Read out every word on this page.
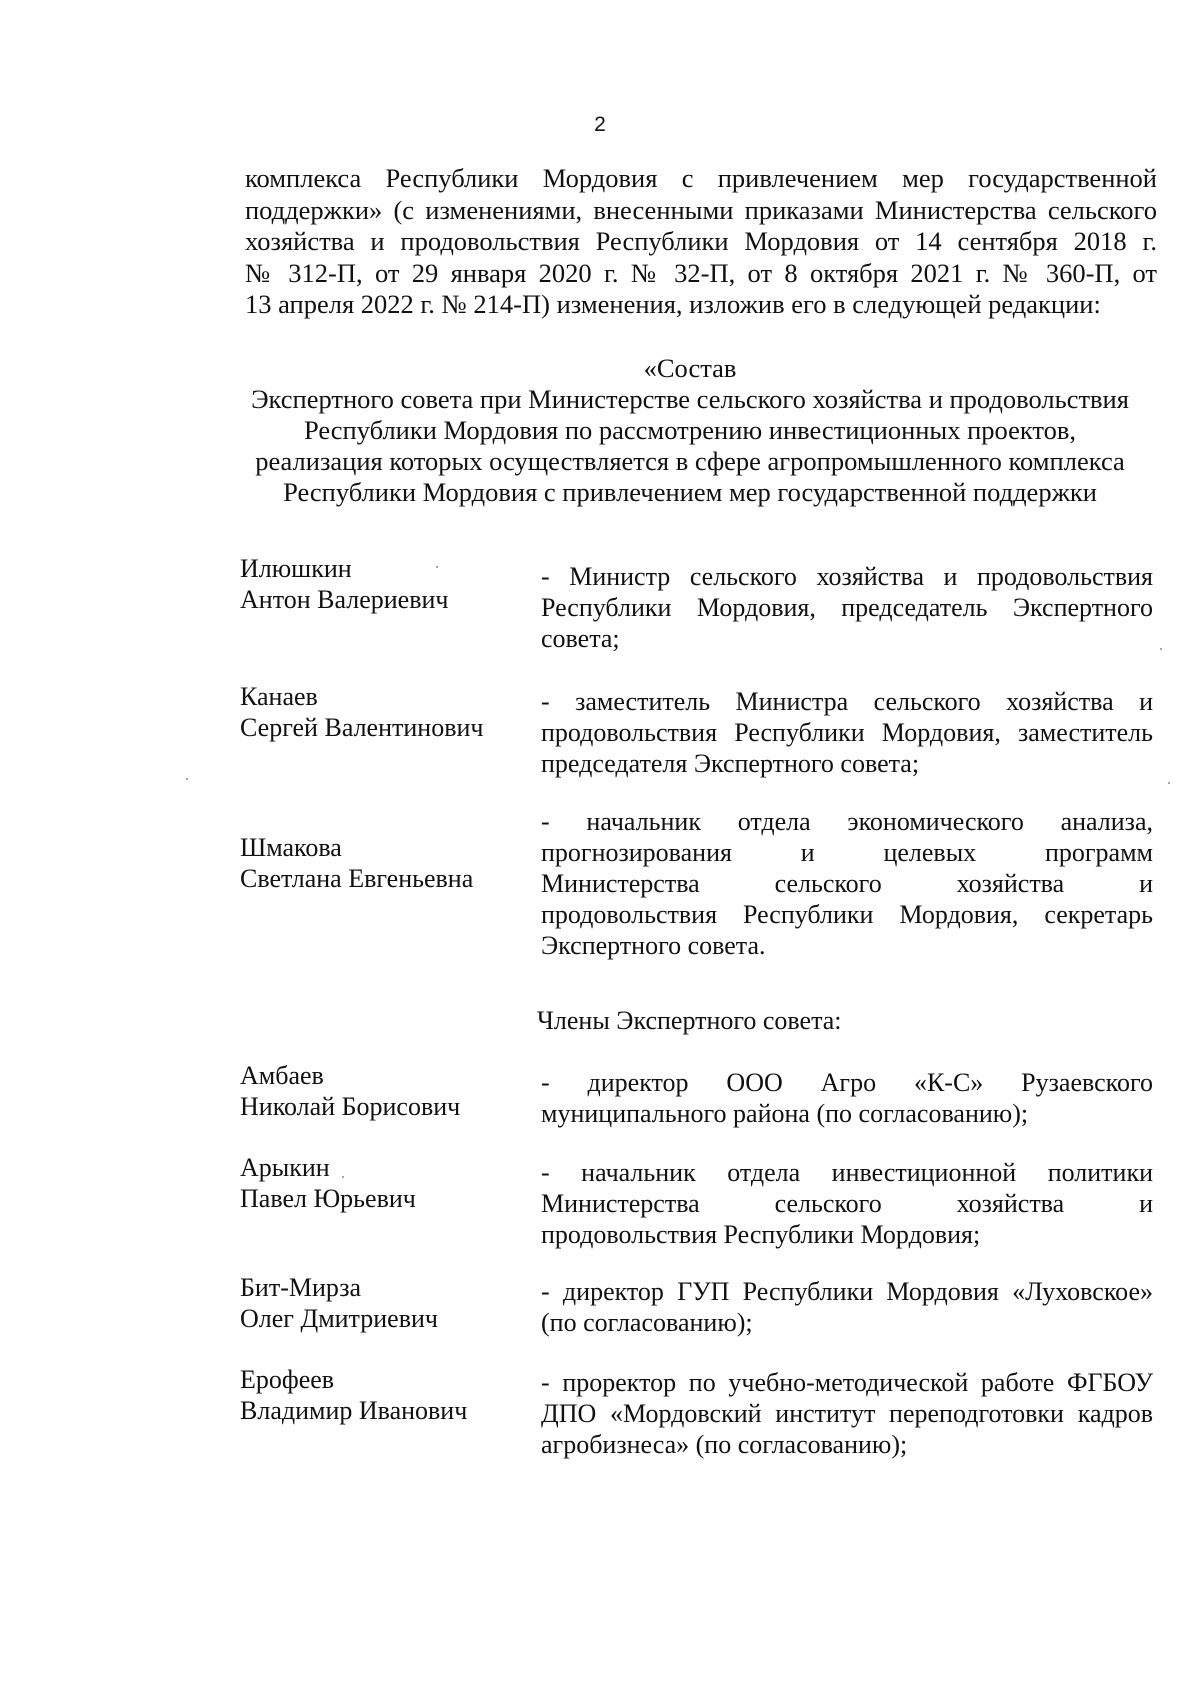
2
комплекса Республики Мордовия с привлечением мер государственной
поддержки» (с изменениями, внесенными приказами Министерства сельского
хозяйства и продовольствия Республики Мордовия от 14 сентября 2018 г.
№ 312-П, от 29 января 2020 г. № 32-П, от 8 октября 2021 г. № 360-П, от
13 апреля 2022 г. № 214-П) изменения, изложив его в следующей редакции:
«Состав
Экспертного совета при Министерстве сельского хозяйства и продовольствия
Республики Мордовия по рассмотрению инвестиционных проектов,
реализация которых осуществляется в сфере агропромышленного комплекса
Республики Мордовия с привлечением мер государственной поддержки
Илюшкин
Антон Валериевич
- Министр сельского хозяйства и продовольствия
Республики Мордовия, председатель Экспертного
совета;
Канаев
Сергей Валентинович
- заместитель Министра сельского хозяйства и
продовольствия Республики Мордовия, заместитель
председателя Экспертного совета;
Шмакова
Светлана Евгеньевна
- начальник отдела экономического анализа,
прогнозирования и целевых программ
Министерства сельского хозяйства и
продовольствия Республики Мордовия, секретарь
Экспертного совета.
Члены Экспертного совета:
Амбаев
Николай Борисович
- директор ООО Агро «К-С» Рузаевского
муниципального района (по согласованию);
Арыкин
Павел Юрьевич
- начальник отдела инвестиционной политики
Министерства сельского хозяйства и
продовольствия Республики Мордовия;
Бит-Мирза
Олег Дмитриевич
- директор ГУП Республики Мордовия «Луховское»
(по согласованию);
Ерофеев
Владимир Иванович
- проректор по учебно-методической работе ФГБОУ
ДПО «Мордовский институт переподготовки кадров
агробизнеса» (по согласованию);
